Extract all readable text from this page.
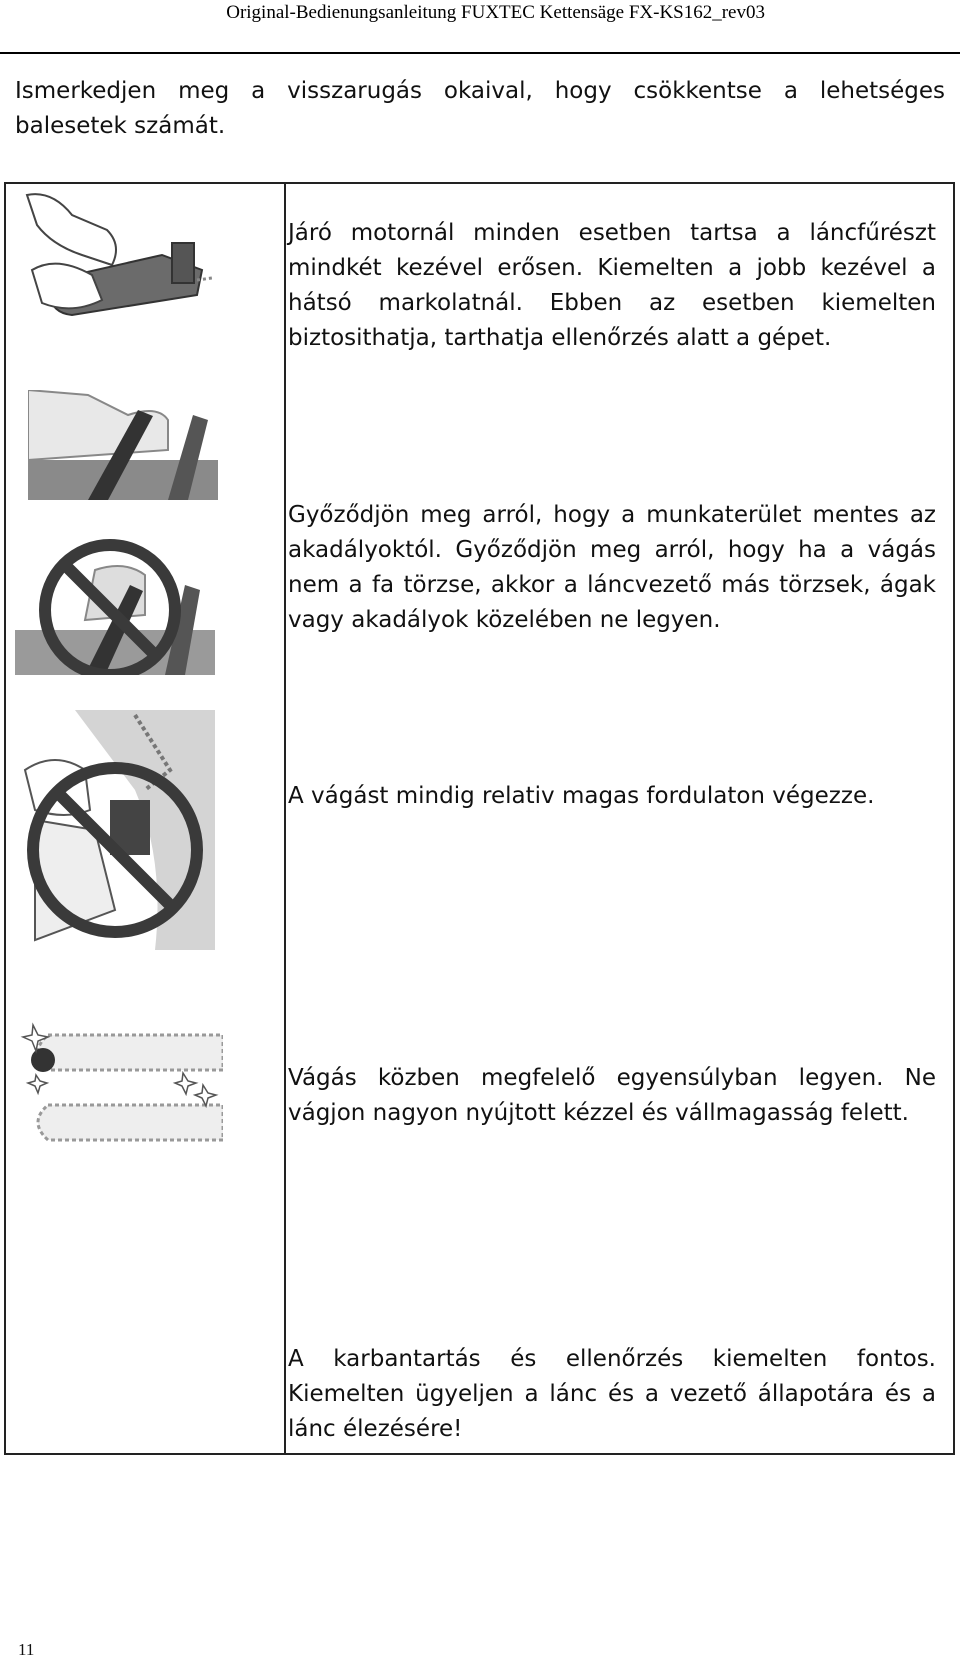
Original-Bedienungsanleitung FUXTEC Kettensäge FX-KS162_rev03
Ismerkedjen meg a visszarugás okaival, hogy csökkentse a lehetséges balesetek számát.
Járó motornál minden esetben tartsa a láncfűrészt mindkét kezével erősen. Kiemelten a jobb kezével a hátsó markolatnál. Ebben az esetben kiemelten biztosithatja, tarthatja ellenőrzés alatt a gépet.
Győződjön meg arról, hogy a munkaterület mentes az akadályoktól. Győződjön meg arról, hogy ha a vágás nem a fa törzse, akkor a láncvezető más törzsek, ágak vagy akadályok közelében ne legyen.
A vágást mindig relativ magas fordulaton végezze.
Vágás közben megfelelő egyensúlyban legyen. Ne vágjon nagyon nyújtott kézzel és vállmagasság felett.
A karbantartás és ellenőrzés kiemelten fontos. Kiemelten ügyeljen a lánc és a vezető állapotára és a lánc élezésére!
11
